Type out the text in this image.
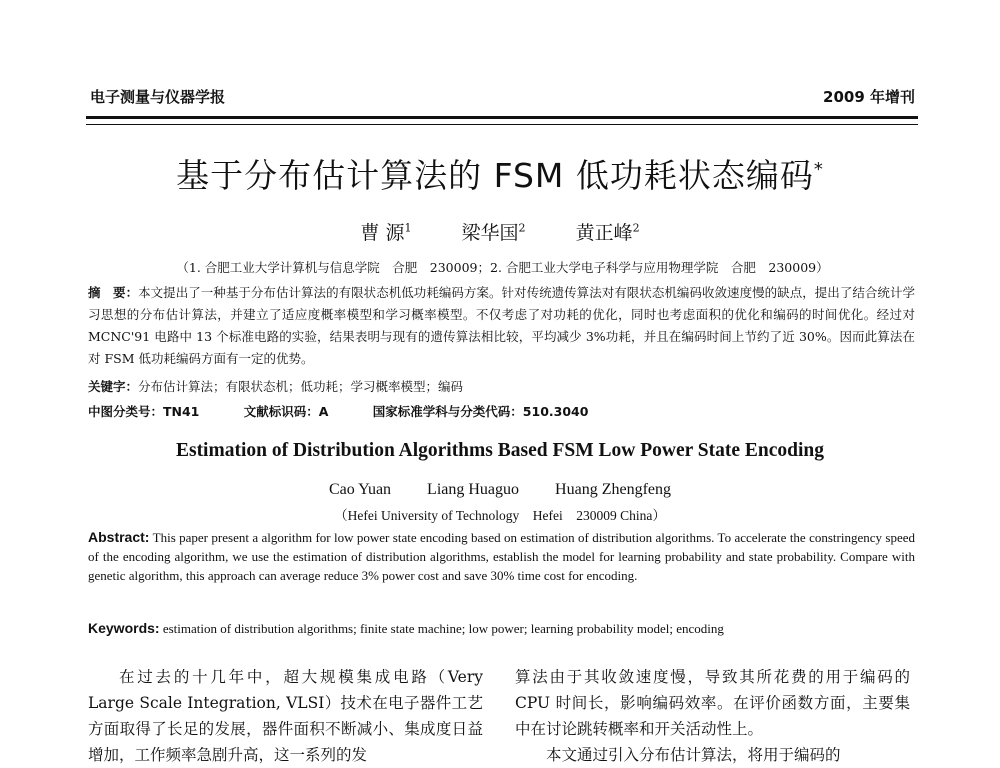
电子测量与仪器学报	2009 年增刊
基于分布估计算法的 FSM 低功耗状态编码*
曹 源$^1$	梁华国$^2$	黄正峰$^2$
（1. 合肥工业大学计算机与信息学院　合肥　230009；2. 合肥工业大学电子科学与应用物理学院　合肥　230009）
摘　要：本文提出了一种基于分布估计算法的有限状态机低功耗编码方案。针对传统遗传算法对有限状态机编码收敛速度慢的缺点，提出了结合统计学习思想的分布估计算法，并建立了适应度概率模型和学习概率模型。不仅考虑了对功耗的优化，同时也考虑面积的优化和编码的时间优化。经过对 MCNC'91 电路中 13 个标准电路的实验，结果表明与现有的遗传算法相比较，平均减少 3%功耗，并且在编码时间上节约了近 30%。因而此算法在对 FSM 低功耗编码方面有一定的优势。
关键字：分布估计算法；有限状态机；低功耗；学习概率模型；编码
中图分类号：TN41	文献标识码：A	国家标准学科与分类代码：510.3040
Estimation of Distribution Algorithms Based FSM Low Power State Encoding
Cao Yuan Liang Huaguo Huang Zhengfeng
（Hefei University of Technology　Hefei　230009 China）
Abstract: This paper present a algorithm for low power state encoding based on estimation of distribution algorithms. To accelerate the constringency speed of the encoding algorithm, we use the estimation of distribution algorithms, establish the model for learning probability and state probability. Compare with genetic algorithm, this approach can average reduce 3% power cost and save 30% time cost for encoding.
Keywords: estimation of distribution algorithms; finite state machine; low power; learning probability model; encoding

在过去的十几年中，超大规模集成电路（Very Large Scale Integration, VLSI）技术在电子器件工艺方面取得了长足的发展，器件面积不断减小、集成度日益增加，工作频率急剧升高，这一系列的发

算法由于其收敛速度慢，导致其所花费的用于编码的 CPU 时间长，影响编码效率。在评价函数方面，主要集中在讨论跳转概率和开关活动性上。

本文通过引入分布估计算法，将用于编码的
